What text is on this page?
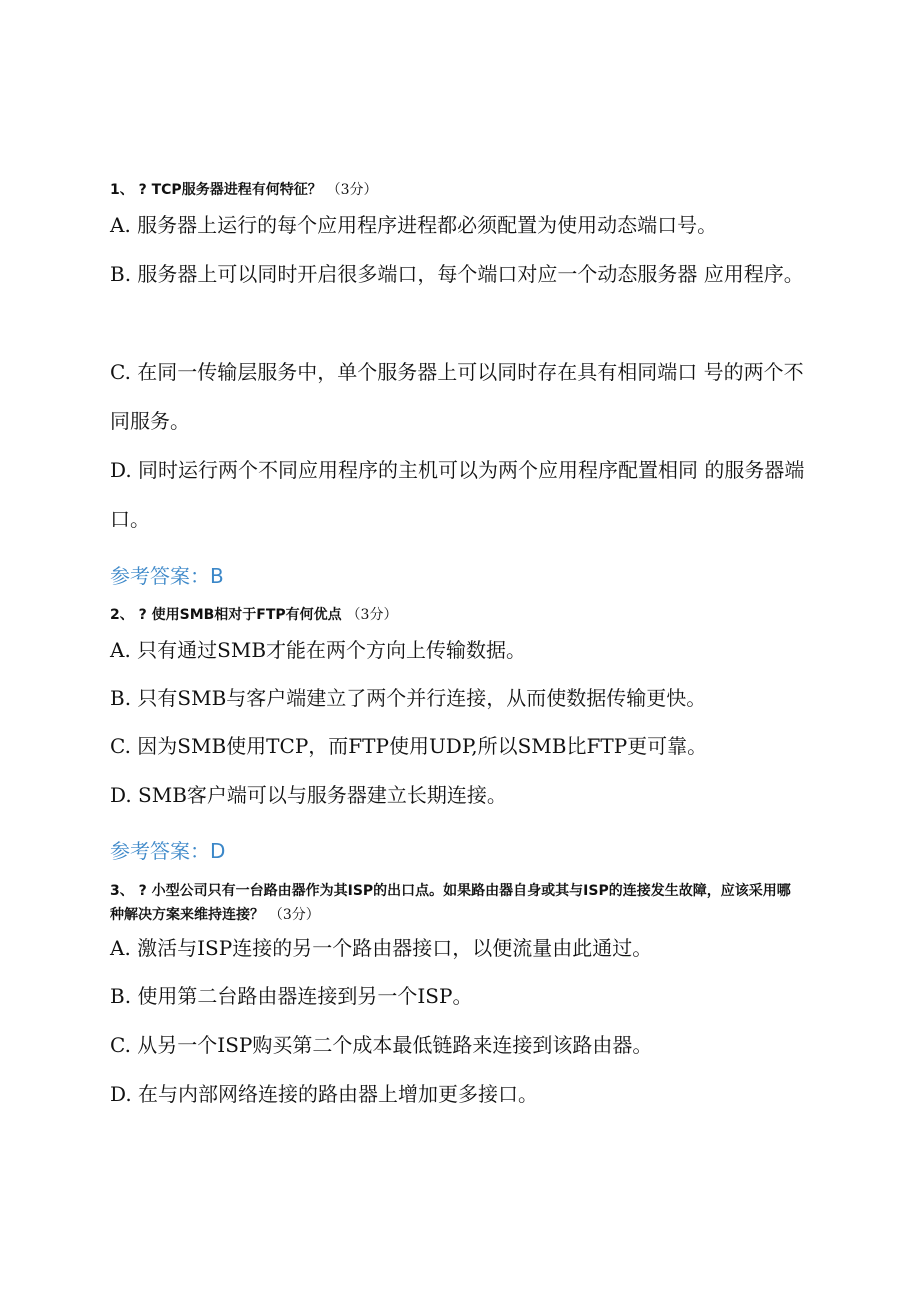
1、 ? TCP服务器进程有何特征？ （3分）
A. 服务器上运行的每个应用程序进程都必须配置为使用动态端口号。
B. 服务器上可以同时开启很多端口，每个端口对应一个动态服务器 应用程序。
C. 在同一传输层服务中，单个服务器上可以同时存在具有相同端口 号的两个不同服务。
D. 同时运行两个不同应用程序的主机可以为两个应用程序配置相同 的服务器端口。
参考答案：B
2、 ? 使用SMB相对于FTP有何优点 （3分）
A. 只有通过SMB才能在两个方向上传输数据。
B. 只有SMB与客户端建立了两个并行连接，从而使数据传输更快。
C. 因为SMB使用TCP，而FTP使用UDP,所以SMB比FTP更可靠。
D. SMB客户端可以与服务器建立长期连接。
参考答案：D
3、 ? 小型公司只有一台路由器作为其ISP的出口点。如果路由器自身或其与ISP的连接发生故障，应该采用哪种解决方案来维持连接？ （3分）
A. 激活与ISP连接的另一个路由器接口，以便流量由此通过。
B. 使用第二台路由器连接到另一个ISP。
C. 从另一个ISP购买第二个成本最低链路来连接到该路由器。
D. 在与内部网络连接的路由器上增加更多接口。
